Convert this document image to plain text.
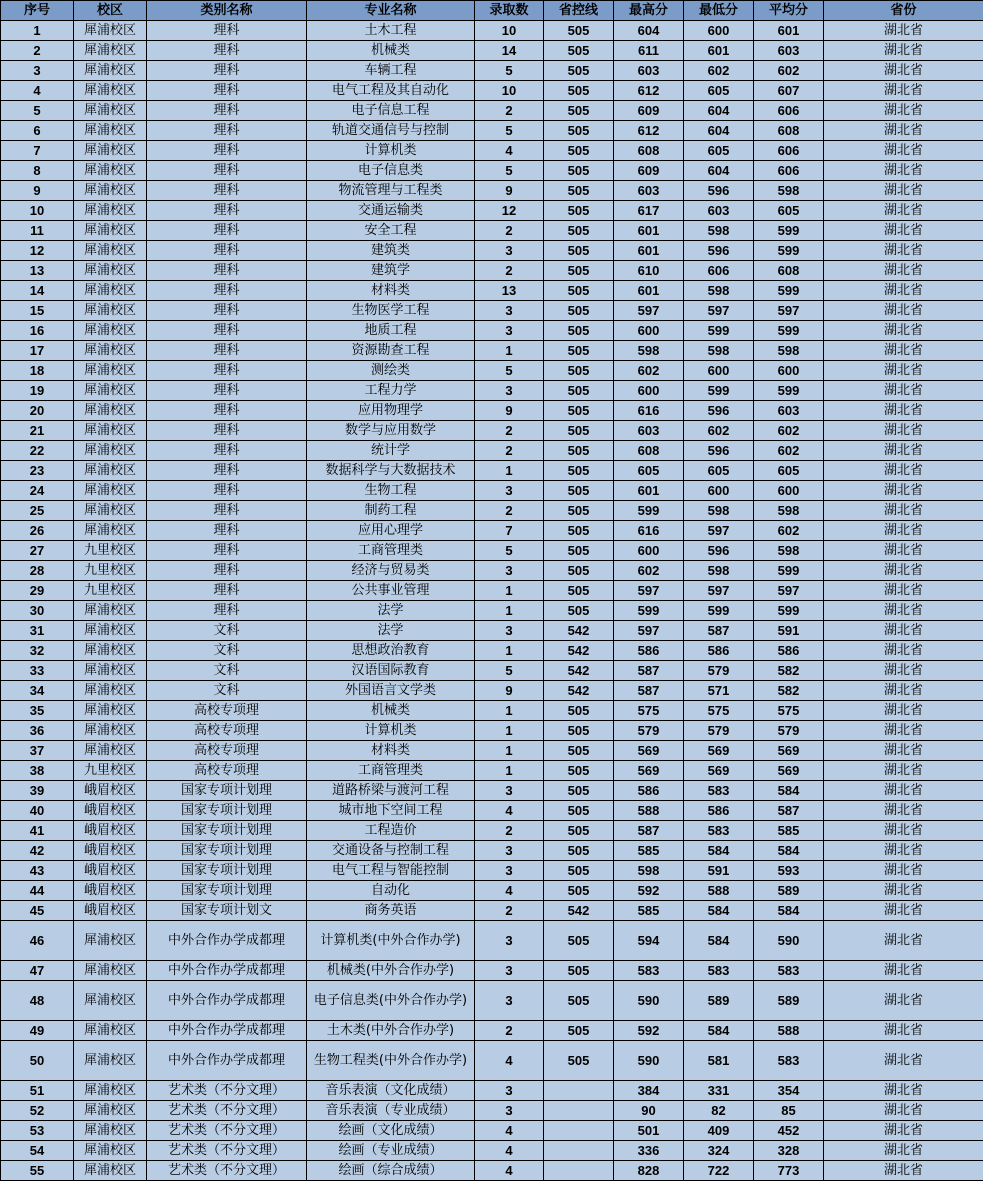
序号	校区	类别名称	专业名称	录取数	省控线	最高分	最低分	平均分	省份
1	犀浦校区	理科	土木工程	10	505	604	600	601	湖北省
2	犀浦校区	理科	机械类	14	505	611	601	603	湖北省
3	犀浦校区	理科	车辆工程	5	505	603	602	602	湖北省
4	犀浦校区	理科	电气工程及其自动化	10	505	612	605	607	湖北省
5	犀浦校区	理科	电子信息工程	2	505	609	604	606	湖北省
6	犀浦校区	理科	轨道交通信号与控制	5	505	612	604	608	湖北省
7	犀浦校区	理科	计算机类	4	505	608	605	606	湖北省
8	犀浦校区	理科	电子信息类	5	505	609	604	606	湖北省
9	犀浦校区	理科	物流管理与工程类	9	505	603	596	598	湖北省
10	犀浦校区	理科	交通运输类	12	505	617	603	605	湖北省
11	犀浦校区	理科	安全工程	2	505	601	598	599	湖北省
12	犀浦校区	理科	建筑类	3	505	601	596	599	湖北省
13	犀浦校区	理科	建筑学	2	505	610	606	608	湖北省
14	犀浦校区	理科	材料类	13	505	601	598	599	湖北省
15	犀浦校区	理科	生物医学工程	3	505	597	597	597	湖北省
16	犀浦校区	理科	地质工程	3	505	600	599	599	湖北省
17	犀浦校区	理科	资源勘查工程	1	505	598	598	598	湖北省
18	犀浦校区	理科	测绘类	5	505	602	600	600	湖北省
19	犀浦校区	理科	工程力学	3	505	600	599	599	湖北省
20	犀浦校区	理科	应用物理学	9	505	616	596	603	湖北省
21	犀浦校区	理科	数学与应用数学	2	505	603	602	602	湖北省
22	犀浦校区	理科	统计学	2	505	608	596	602	湖北省
23	犀浦校区	理科	数据科学与大数据技术	1	505	605	605	605	湖北省
24	犀浦校区	理科	生物工程	3	505	601	600	600	湖北省
25	犀浦校区	理科	制药工程	2	505	599	598	598	湖北省
26	犀浦校区	理科	应用心理学	7	505	616	597	602	湖北省
27	九里校区	理科	工商管理类	5	505	600	596	598	湖北省
28	九里校区	理科	经济与贸易类	3	505	602	598	599	湖北省
29	九里校区	理科	公共事业管理	1	505	597	597	597	湖北省
30	犀浦校区	理科	法学	1	505	599	599	599	湖北省
31	犀浦校区	文科	法学	3	542	597	587	591	湖北省
32	犀浦校区	文科	思想政治教育	1	542	586	586	586	湖北省
33	犀浦校区	文科	汉语国际教育	5	542	587	579	582	湖北省
34	犀浦校区	文科	外国语言文学类	9	542	587	571	582	湖北省
35	犀浦校区	高校专项理	机械类	1	505	575	575	575	湖北省
36	犀浦校区	高校专项理	计算机类	1	505	579	579	579	湖北省
37	犀浦校区	高校专项理	材料类	1	505	569	569	569	湖北省
38	九里校区	高校专项理	工商管理类	1	505	569	569	569	湖北省
39	峨眉校区	国家专项计划理	道路桥梁与渡河工程	3	505	586	583	584	湖北省
40	峨眉校区	国家专项计划理	城市地下空间工程	4	505	588	586	587	湖北省
41	峨眉校区	国家专项计划理	工程造价	2	505	587	583	585	湖北省
42	峨眉校区	国家专项计划理	交通设备与控制工程	3	505	585	584	584	湖北省
43	峨眉校区	国家专项计划理	电气工程与智能控制	3	505	598	591	593	湖北省
44	峨眉校区	国家专项计划理	自动化	4	505	592	588	589	湖北省
45	峨眉校区	国家专项计划文	商务英语	2	542	585	584	584	湖北省
46	犀浦校区	中外合作办学成都理	计算机类(中外合作办学)	3	505	594	584	590	湖北省
47	犀浦校区	中外合作办学成都理	机械类(中外合作办学)	3	505	583	583	583	湖北省
48	犀浦校区	中外合作办学成都理	电子信息类(中外合作办学)	3	505	590	589	589	湖北省
49	犀浦校区	中外合作办学成都理	土木类(中外合作办学)	2	505	592	584	588	湖北省
50	犀浦校区	中外合作办学成都理	生物工程类(中外合作办学)	4	505	590	581	583	湖北省
51	犀浦校区	艺术类（不分文理）	音乐表演（文化成绩）	3		384	331	354	湖北省
52	犀浦校区	艺术类（不分文理）	音乐表演（专业成绩）	3		90	82	85	湖北省
53	犀浦校区	艺术类（不分文理）	绘画（文化成绩）	4		501	409	452	湖北省
54	犀浦校区	艺术类（不分文理）	绘画（专业成绩）	4		336	324	328	湖北省
55	犀浦校区	艺术类（不分文理）	绘画（综合成绩）	4		828	722	773	湖北省
